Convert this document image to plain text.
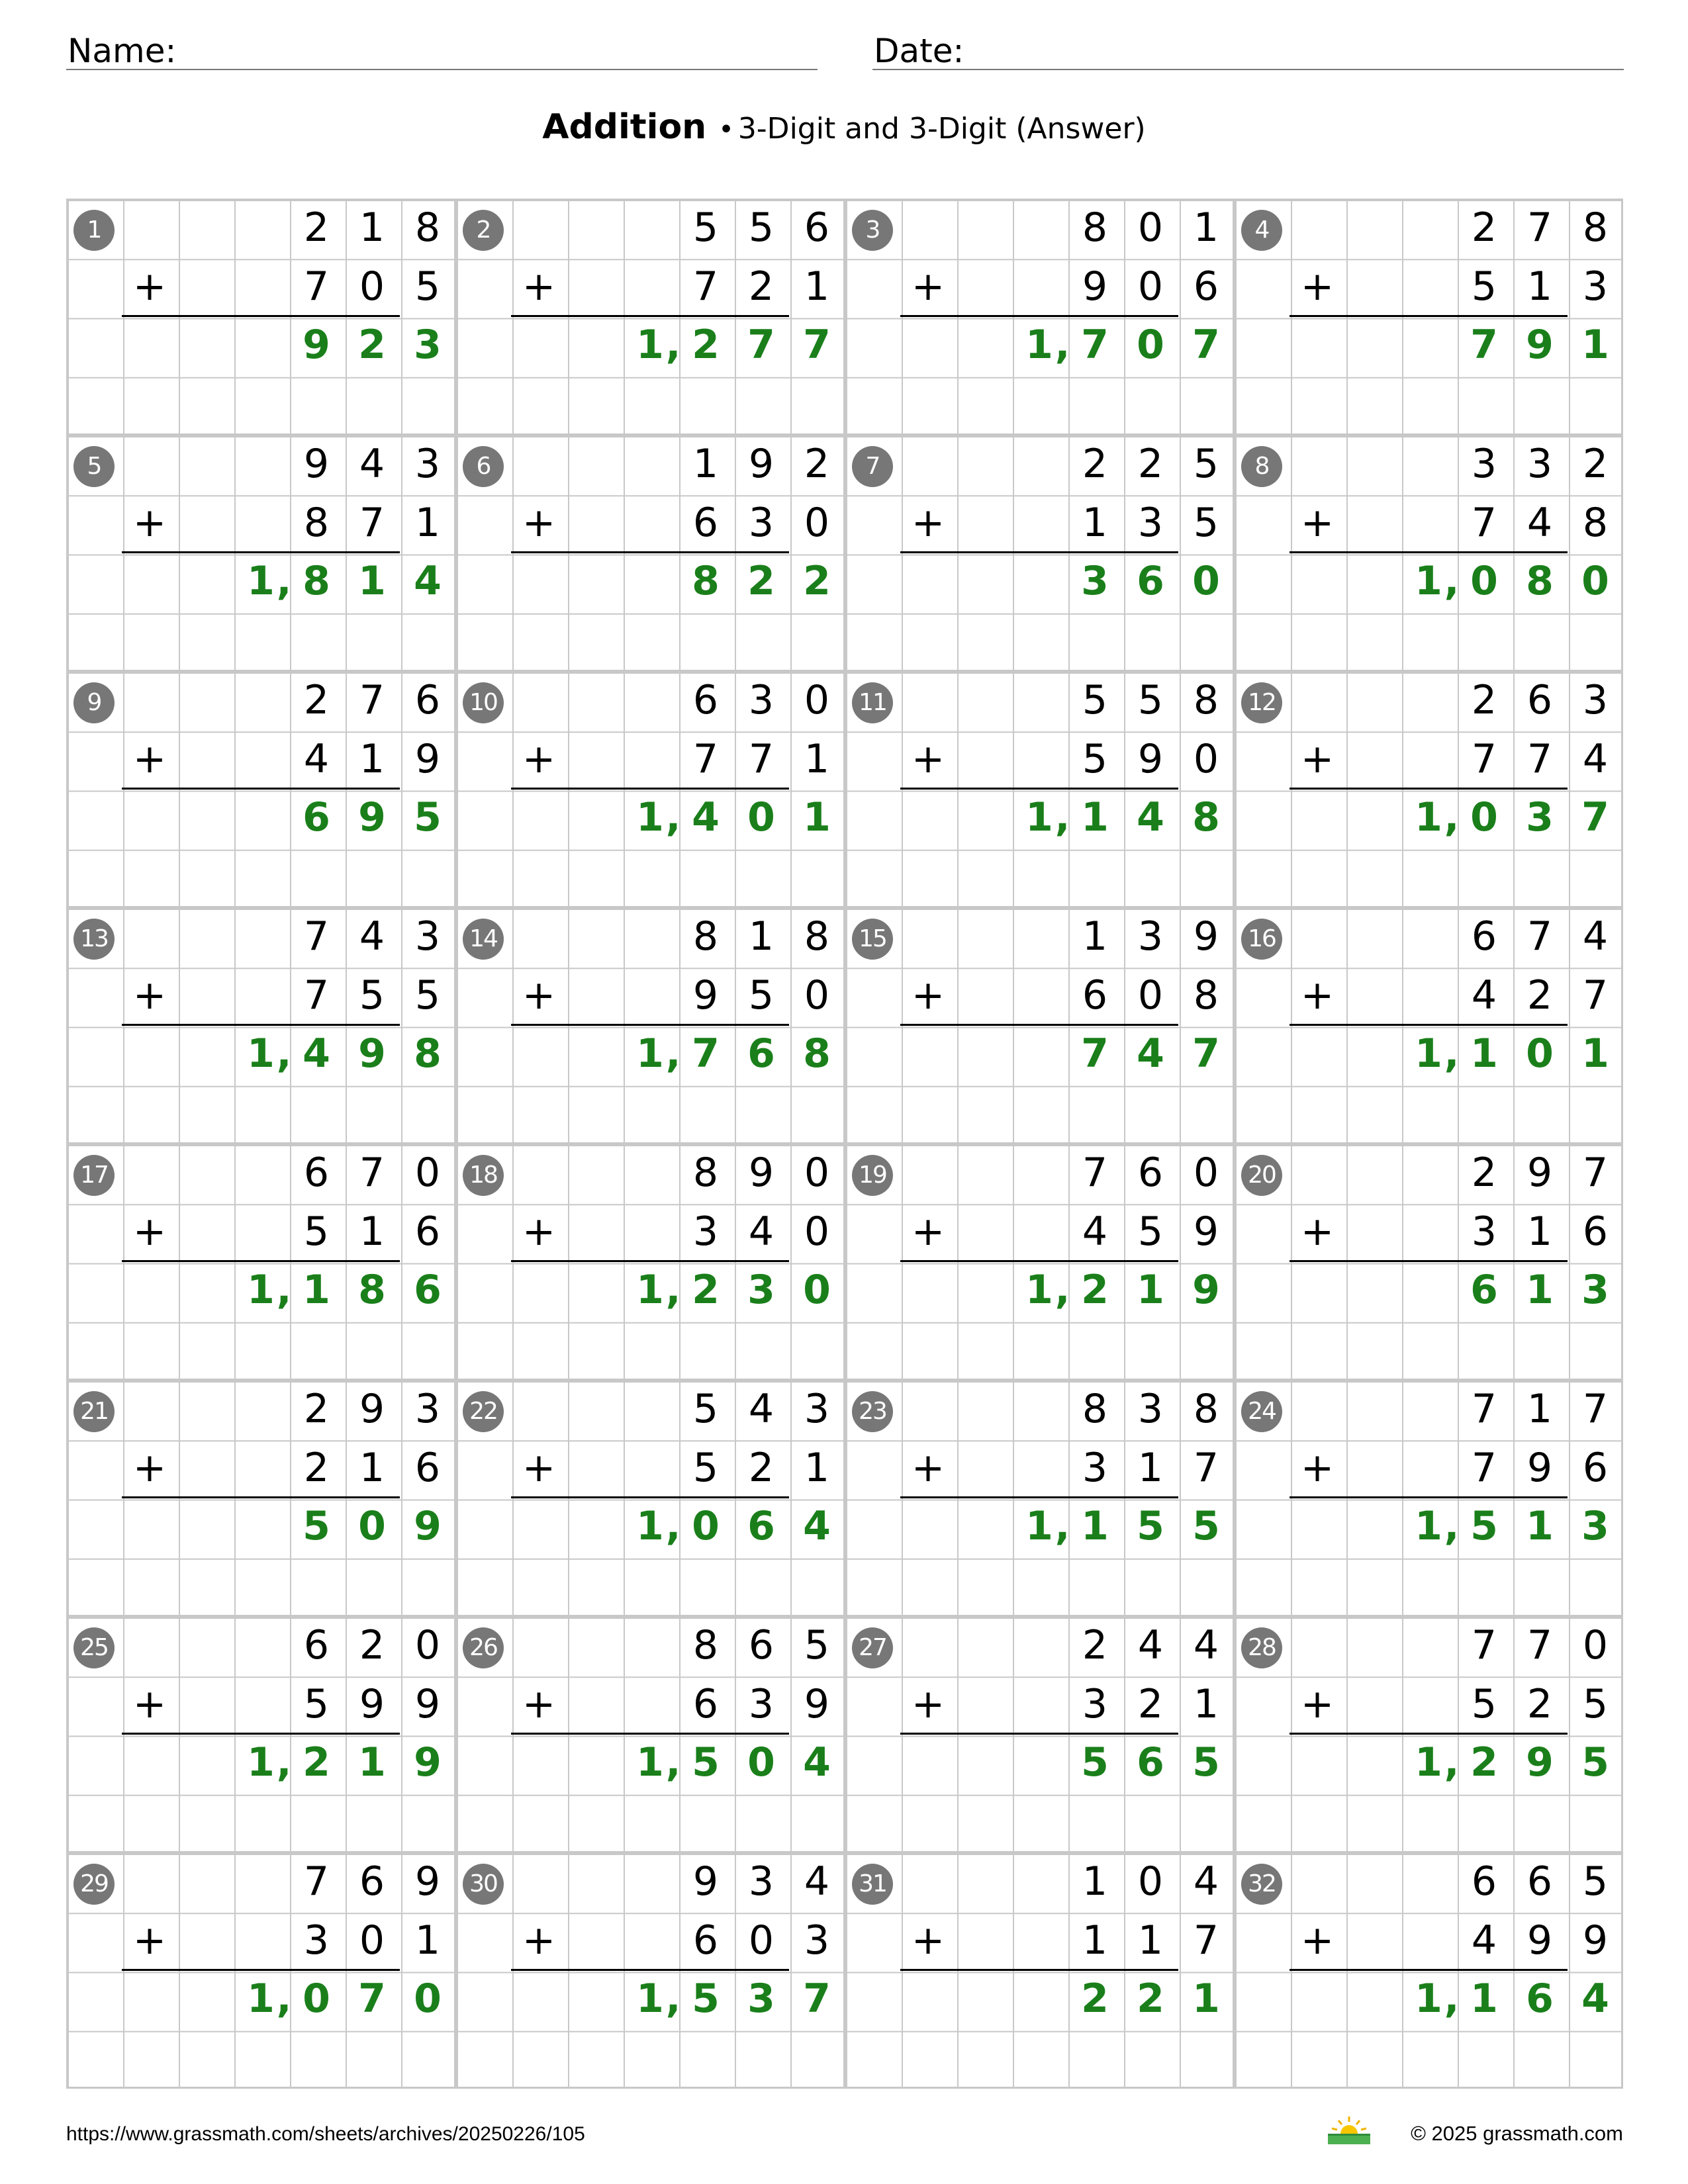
Name:	Date:
Addition • 3-Digit and 3-Digit (Answer)
1	2 1 8
7 0 5
+
9 2 3
2	5 5 6
7 2 1
+
1 , 2 7 7
3	8 0 1
9 0 6
+
1 , 7 0 7
4	2 7 8
5 1 3
+
7 9 1
5	9 4 3
8 7 1
+
1 , 8 1 4
6	1 9 2
6 3 0
+
8 2 2
7	2 2 5
1 3 5
+
3 6 0
8	3 3 2
7 4 8
+
1 , 0 8 0
9	2 7 6
4 1 9
+
6 9 5
10	6 3 0
7 7 1
+
1 , 4 0 1
11	5 5 8
5 9 0
+
1 , 1 4 8
12	2 6 3
7 7 4
+
1 , 0 3 7
13	7 4 3
7 5 5
+
1 , 4 9 8
14	8 1 8
9 5 0
+
1 , 7 6 8
15	1 3 9
6 0 8
+
7 4 7
16	6 7 4
4 2 7
+
1 , 1 0 1
17	6 7 0
5 1 6
+
1 , 1 8 6
18	8 9 0
3 4 0
+
1 , 2 3 0
19	7 6 0
4 5 9
+
1 , 2 1 9
20	2 9 7
3 1 6
+
6 1 3
21	2 9 3
2 1 6
+
5 0 9
22	5 4 3
5 2 1
+
1 , 0 6 4
23	8 3 8
3 1 7
+
1 , 1 5 5
24	7 1 7
7 9 6
+
1 , 5 1 3
25	6 2 0
5 9 9
+
1 , 2 1 9
26	8 6 5
6 3 9
+
1 , 5 0 4
27	2 4 4
3 2 1
+
5 6 5
28	7 7 0
5 2 5
+
1 , 2 9 5
29	7 6 9
3 0 1
+
1 , 0 7 0
30	9 3 4
6 0 3
+
1 , 5 3 7
31	1 0 4
1 1 7
+
2 2 1
32	6 6 5
4 9 9
+
1 , 1 6 4
https://www.grassmath.com/sheets/archives/20250226/105	© 2025 grassmath.com
